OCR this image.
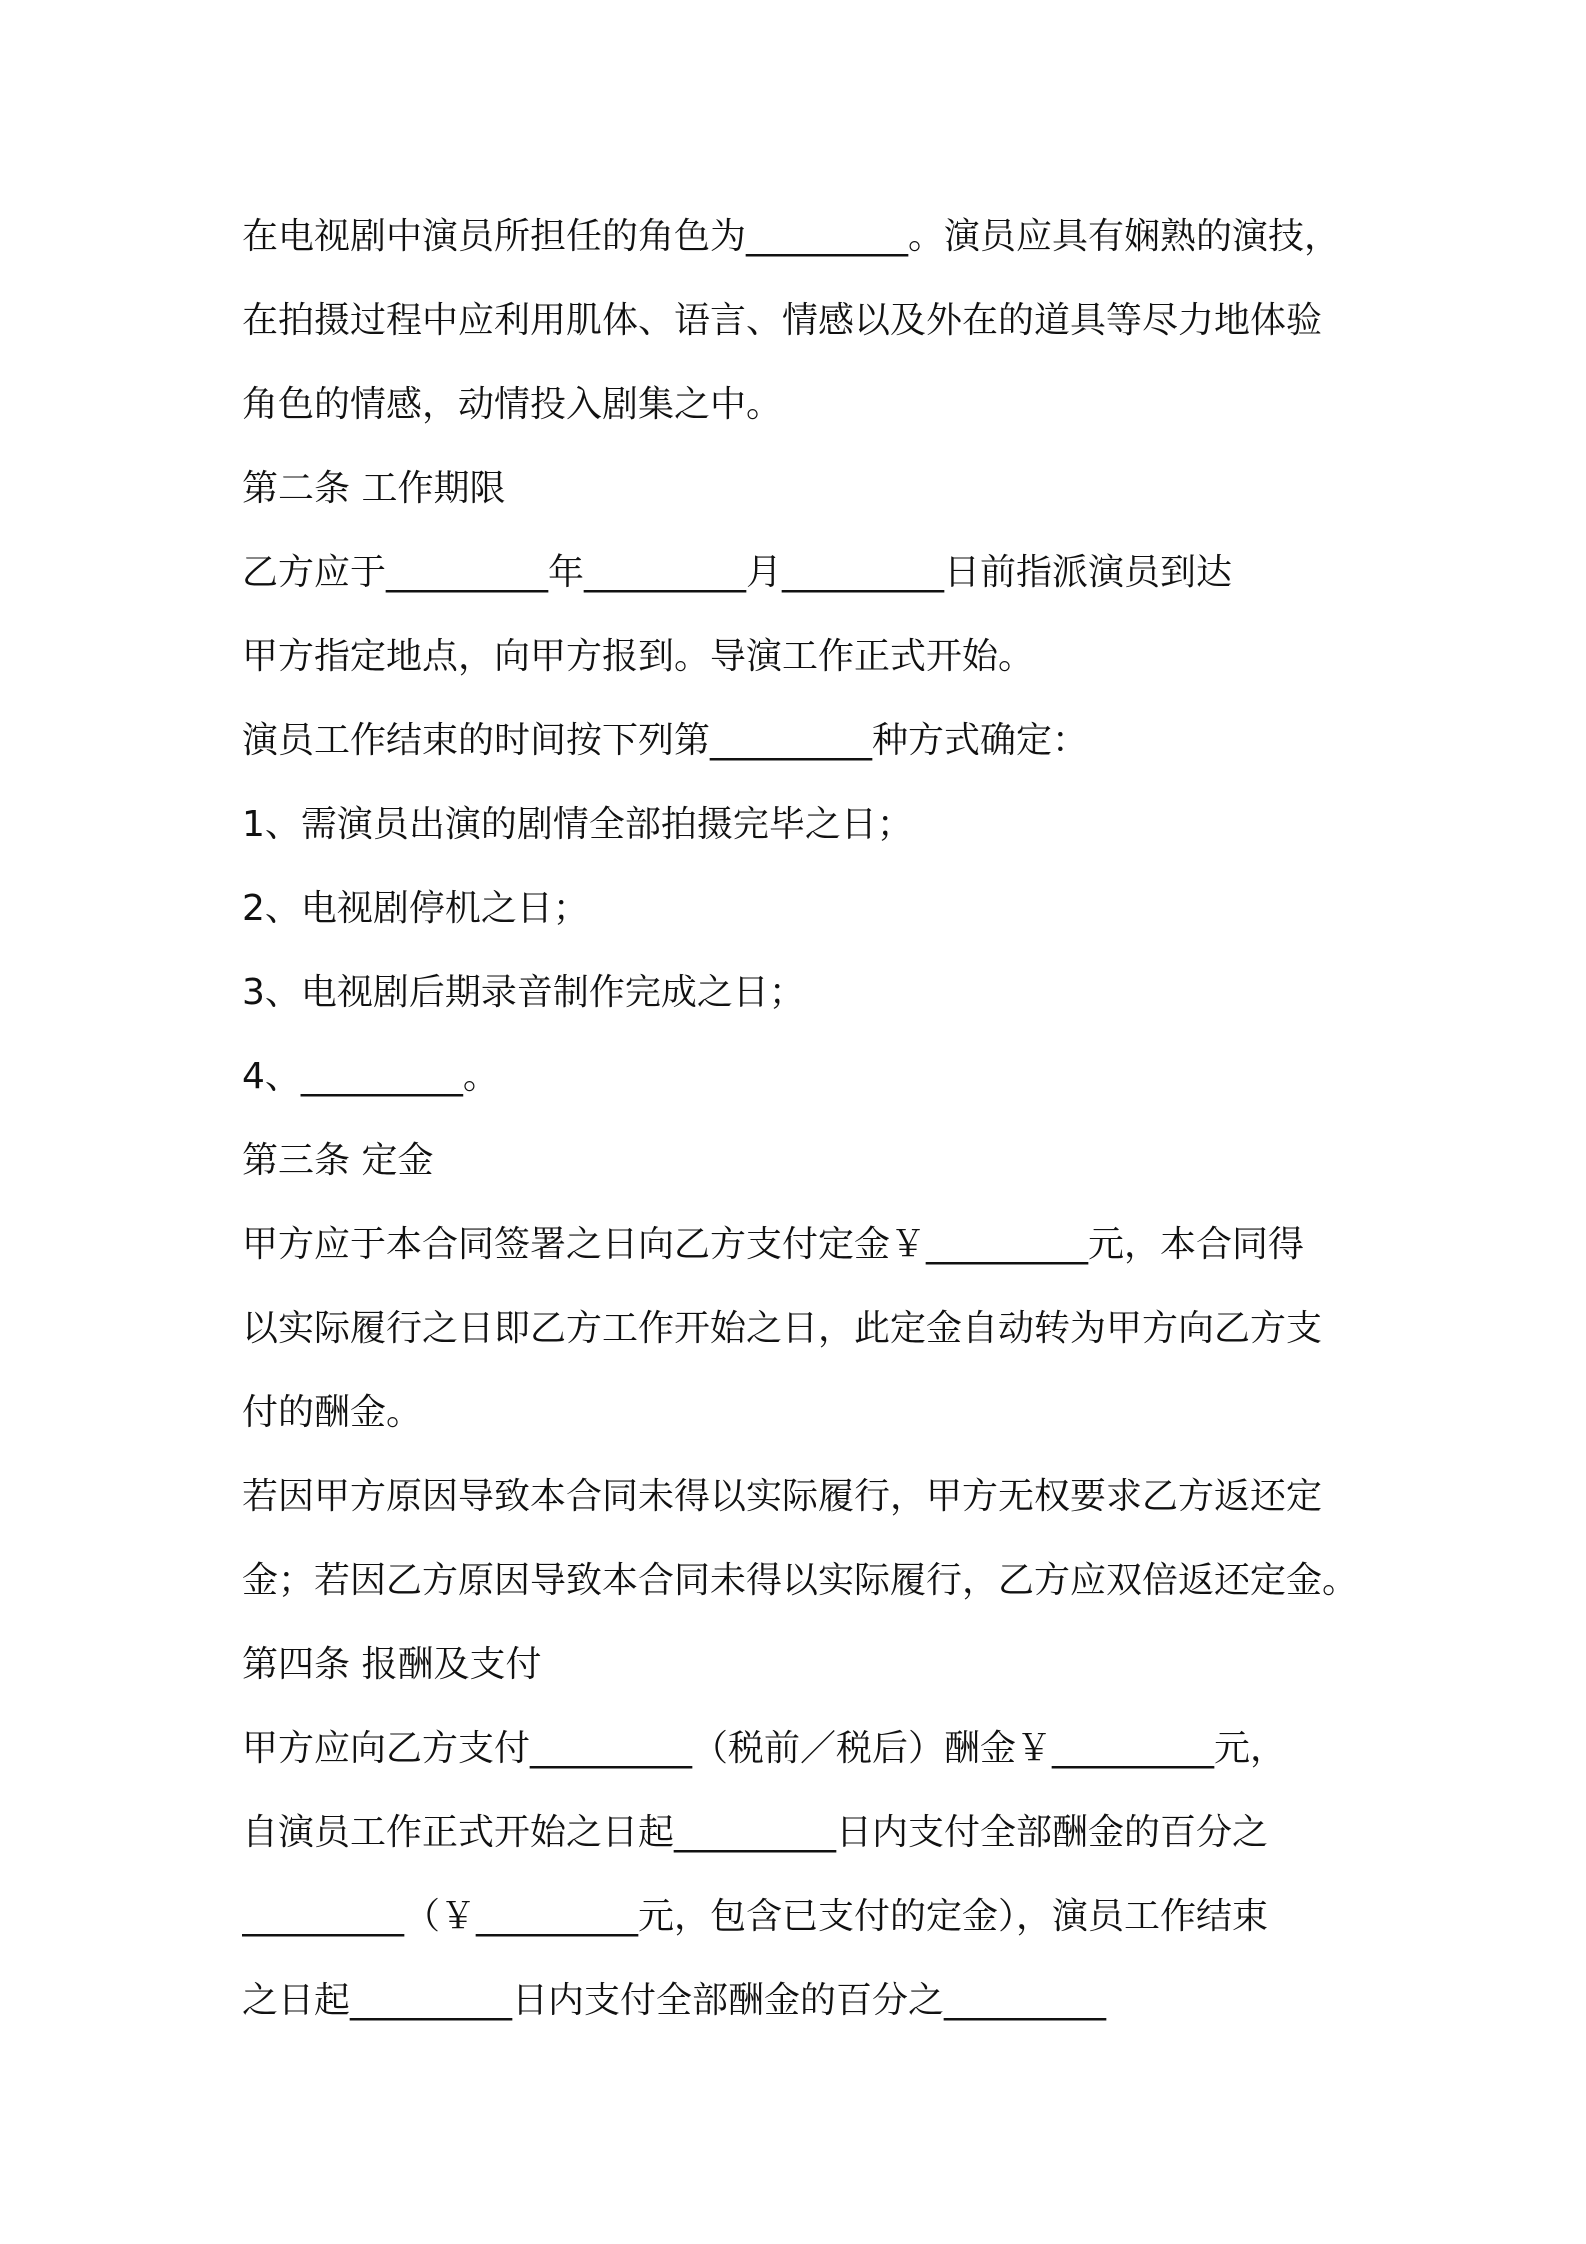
在电视剧中演员所担任的角色为_________。演员应具有娴熟的演技，
在拍摄过程中应利用肌体、语言、情感以及外在的道具等尽力地体验
角色的情感，动情投入剧集之中。
第二条 工作期限
乙方应于_________年_________月_________日前指派演员到达
甲方指定地点，向甲方报到。导演工作正式开始。
演员工作结束的时间按下列第_________种方式确定：
1、需演员出演的剧情全部拍摄完毕之日；
2、电视剧停机之日；
3、电视剧后期录音制作完成之日；
4、_________。
第三条 定金
甲方应于本合同签署之日向乙方支付定金￥_________元，本合同得
以实际履行之日即乙方工作开始之日，此定金自动转为甲方向乙方支
付的酬金。
若因甲方原因导致本合同未得以实际履行，甲方无权要求乙方返还定
金；若因乙方原因导致本合同未得以实际履行，乙方应双倍返还定金。
第四条 报酬及支付
甲方应向乙方支付_________（税前／税后）酬金￥_________元，
自演员工作正式开始之日起_________日内支付全部酬金的百分之
_________（￥_________元，包含已支付的定金），演员工作结束
之日起_________日内支付全部酬金的百分之_________
